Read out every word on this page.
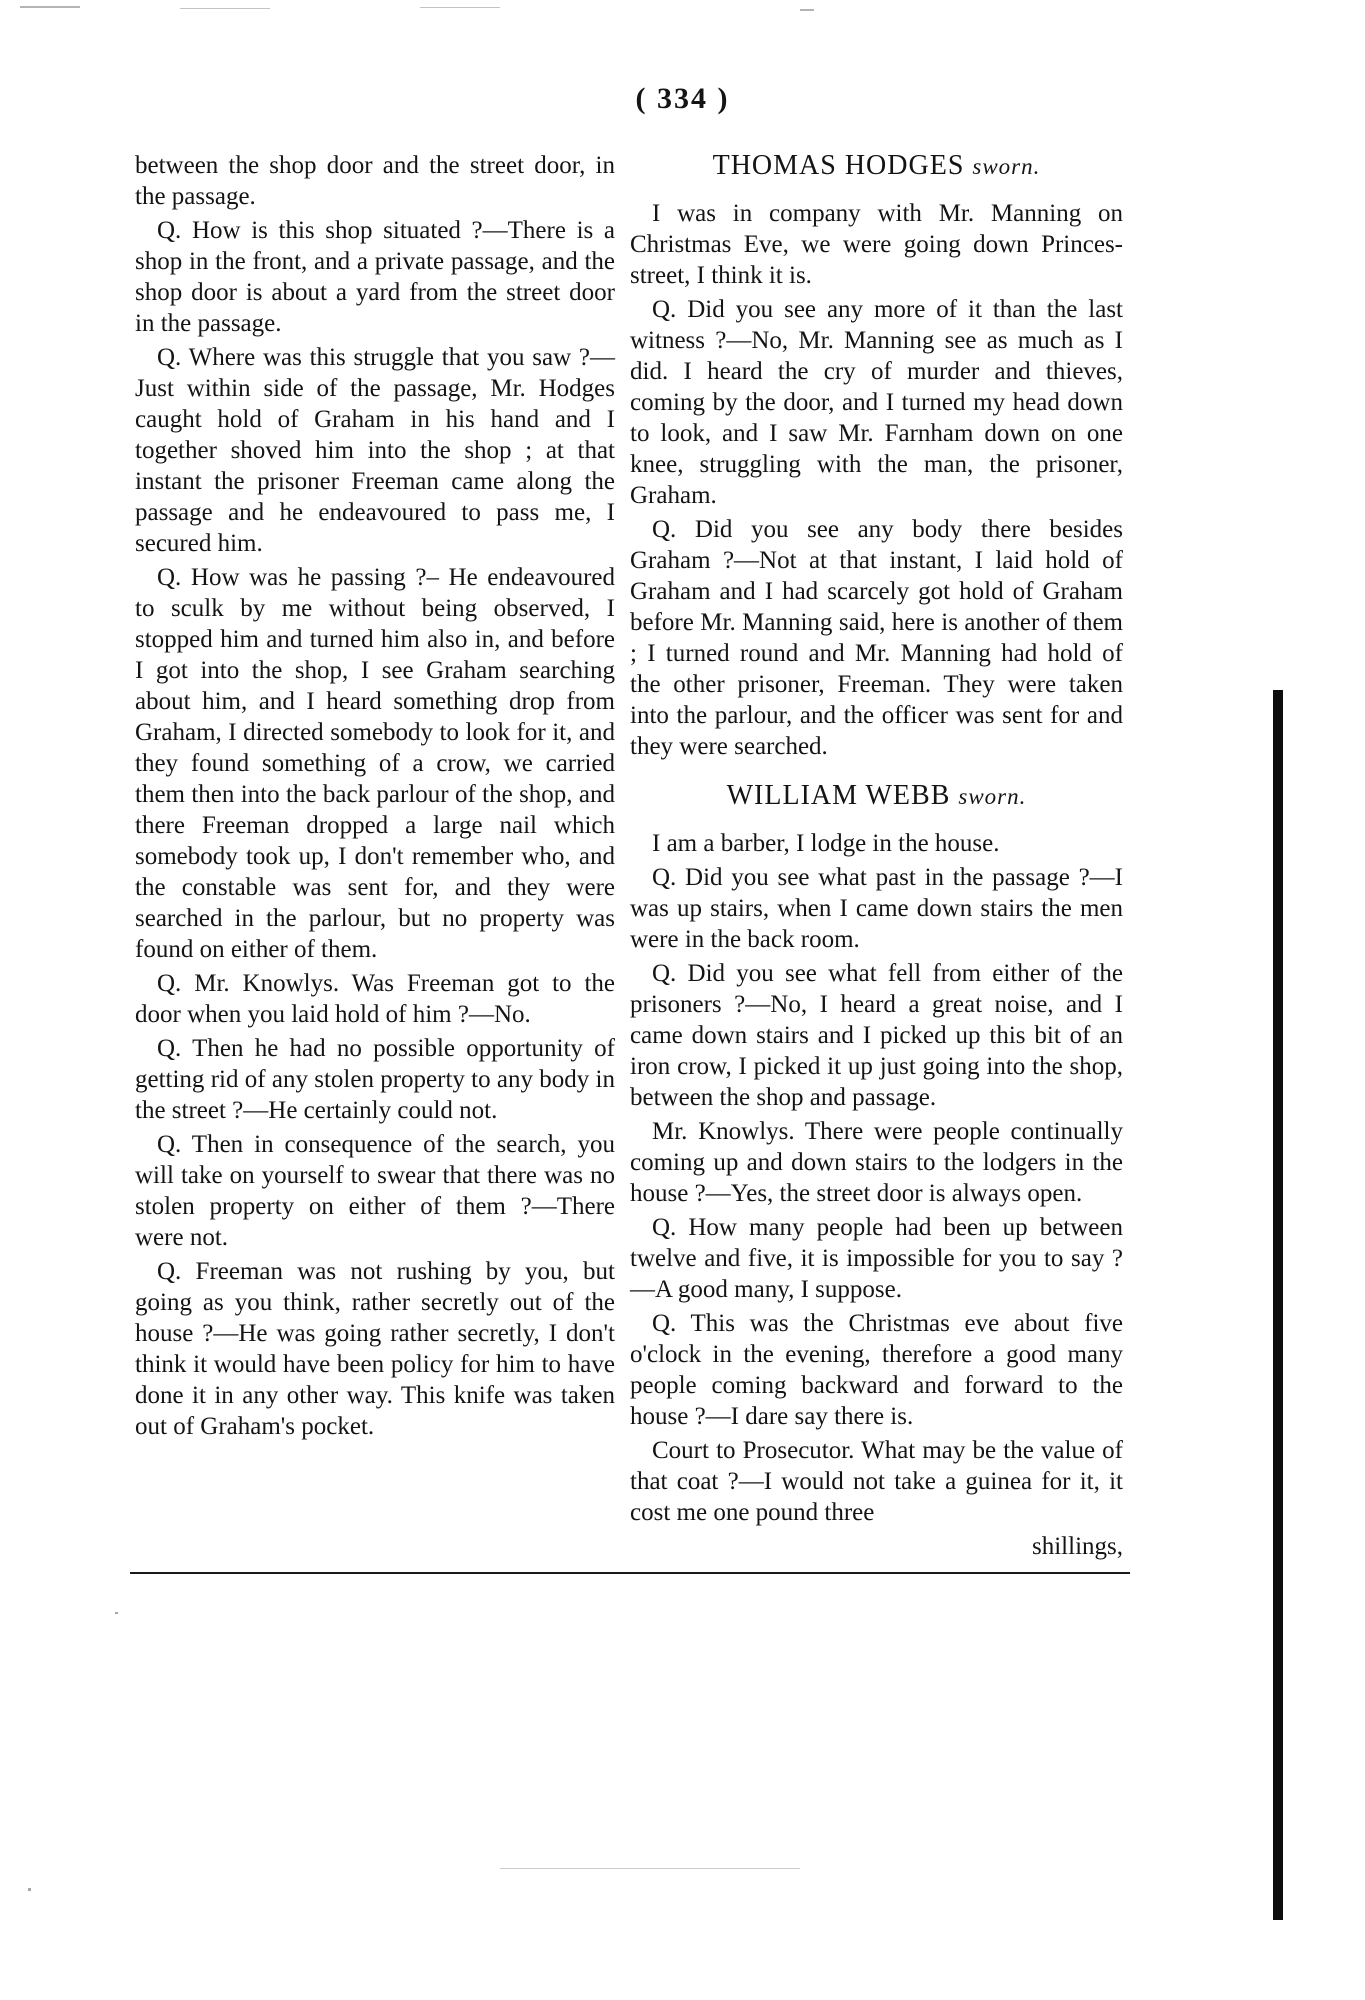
( 334 )

between the shop door and the street door, in the passage.

Q. How is this shop situated ?—There is a shop in the front, and a private passage, and the shop door is about a yard from the street door in the passage.

Q. Where was this struggle that you saw ?—Just within side of the passage, Mr. Hodges caught hold of Graham in his hand and I together shoved him into the shop ; at that instant the prisoner Freeman came along the passage and he endeavoured to pass me, I secured him.

Q. How was he passing ?– He endeavoured to sculk by me without being observed, I stopped him and turned him also in, and before I got into the shop, I see Graham searching about him, and I heard something drop from Graham, I directed somebody to look for it, and they found something of a crow, we carried them then into the back parlour of the shop, and there Freeman dropped a large nail which somebody took up, I don't remember who, and the constable was sent for, and they were searched in the parlour, but no property was found on either of them.

Q. Mr. Knowlys. Was Freeman got to the door when you laid hold of him ?—No.

Q. Then he had no possible opportunity of getting rid of any stolen property to any body in the street ?—He certainly could not.

Q. Then in consequence of the search, you will take on yourself to swear that there was no stolen property on either of them ?—There were not.

Q. Freeman was not rushing by you, but going as you think, rather secretly out of the house ?—He was going rather secretly, I don't think it would have been policy for him to have done it in any other way. This knife was taken out of Graham's pocket.

THOMAS HODGES sworn.

I was in company with Mr. Manning on Christmas Eve, we were going down Princes-street, I think it is.

Q. Did you see any more of it than the last witness ?—No, Mr. Manning see as much as I did. I heard the cry of murder and thieves, coming by the door, and I turned my head down to look, and I saw Mr. Farnham down on one knee, struggling with the man, the prisoner, Graham.

Q. Did you see any body there besides Graham ?—Not at that instant, I laid hold of Graham and I had scarcely got hold of Graham before Mr. Manning said, here is another of them ; I turned round and Mr. Manning had hold of the other prisoner, Freeman. They were taken into the parlour, and the officer was sent for and they were searched.

WILLIAM WEBB sworn.

I am a barber, I lodge in the house.

Q. Did you see what past in the passage ?—I was up stairs, when I came down stairs the men were in the back room.

Q. Did you see what fell from either of the prisoners ?—No, I heard a great noise, and I came down stairs and I picked up this bit of an iron crow, I picked it up just going into the shop, between the shop and passage.

Mr. Knowlys. There were people continually coming up and down stairs to the lodgers in the house ?—Yes, the street door is always open.

Q. How many people had been up between twelve and five, it is impossible for you to say ?—A good many, I suppose.

Q. This was the Christmas eve about five o'clock in the evening, therefore a good many people coming backward and forward to the house ?—I dare say there is.

Court to Prosecutor. What may be the value of that coat ?—I would not take a guinea for it, it cost me one pound three

shillings,
